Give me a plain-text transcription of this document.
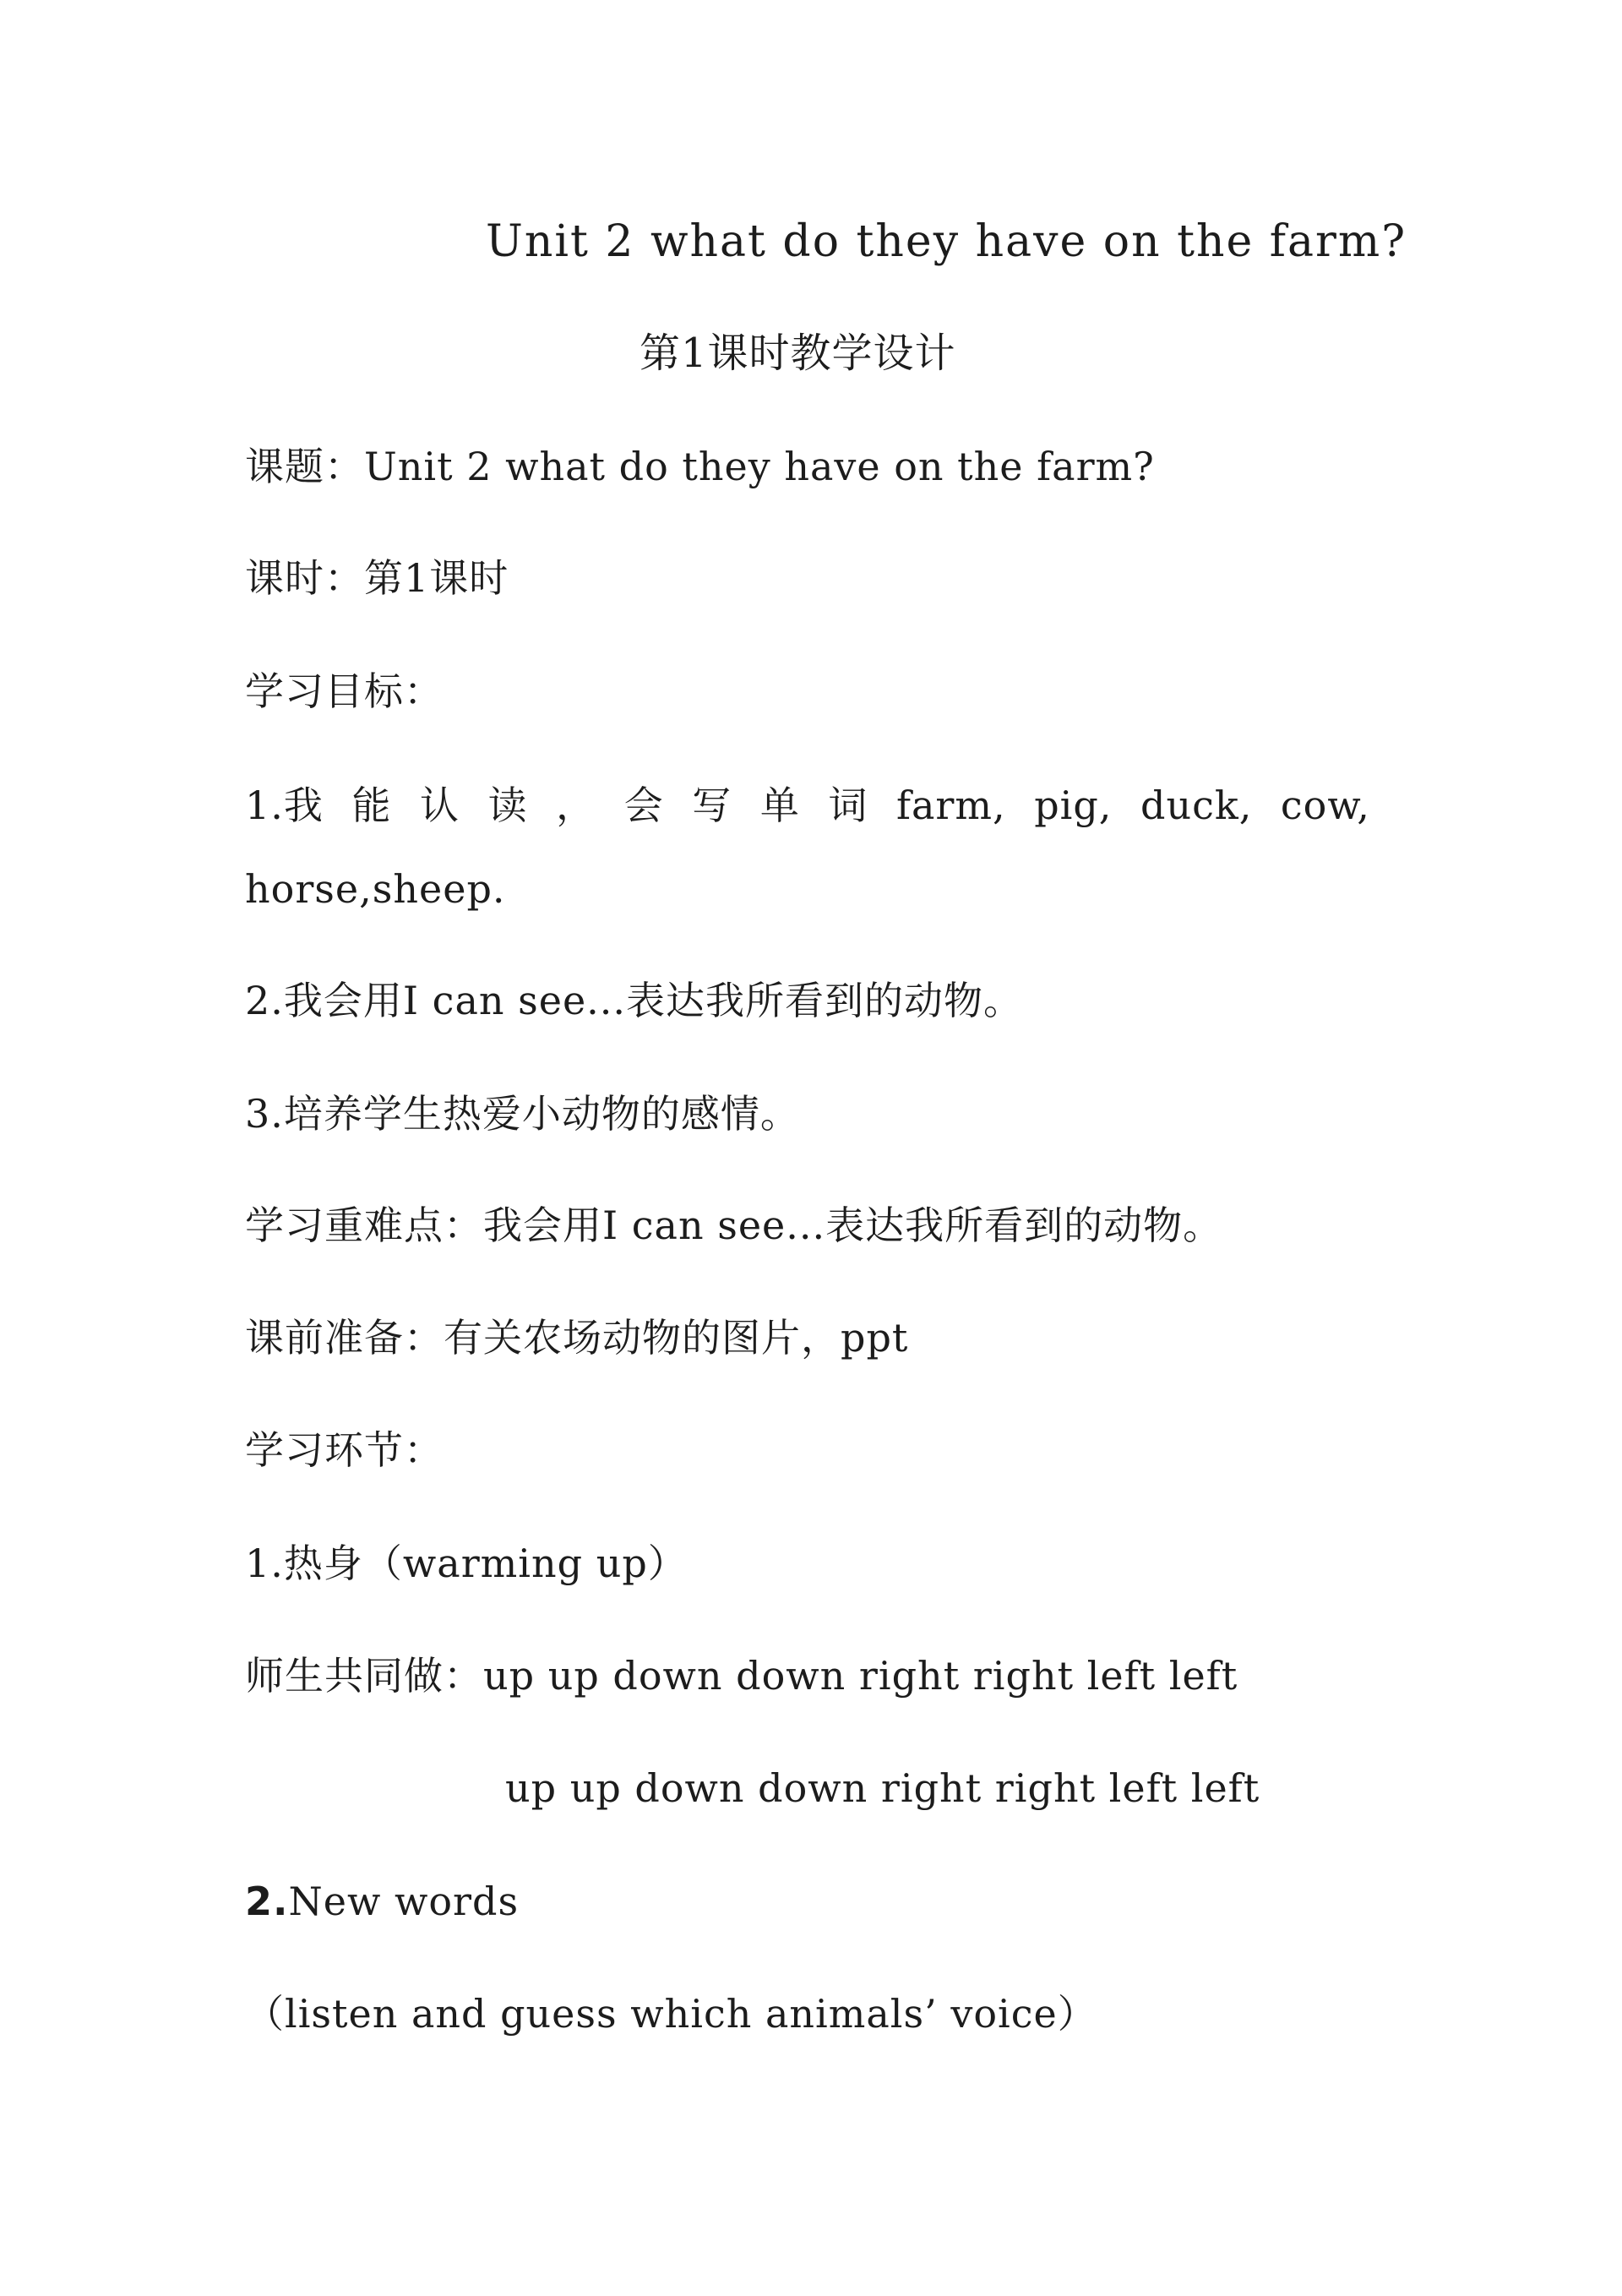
Unit 2 what do they have on the farm?
第1课时教学设计
课题：Unit 2 what do they have on the farm?
课时：第1课时
学习目标：
1.我 能 认 读 ， 会 写 单 词 farm, pig, duck, cow,
horse,sheep.
2.我会用I can see...表达我所看到的动物。
3.培养学生热爱小动物的感情。
学习重难点：我会用I can see...表达我所看到的动物。
课前准备：有关农场动物的图片，ppt
学习环节：
1.热身（warming up）
师生共同做：up up down down right right left left
up up down down right right left left
2.New words
（listen and guess which animals’ voice）
